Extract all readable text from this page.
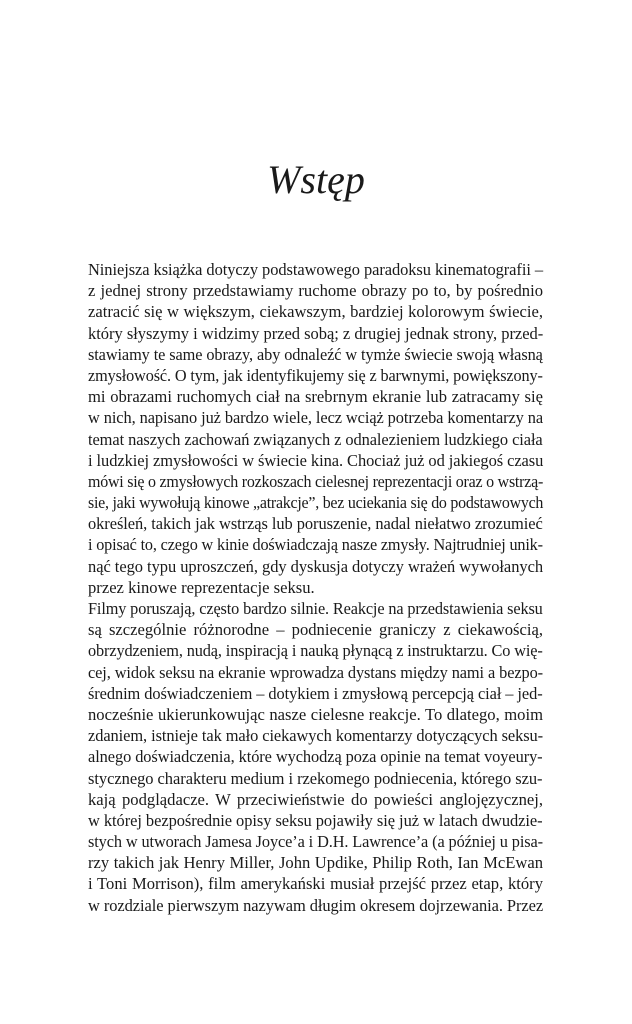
Wstęp
Niniejsza książka dotyczy podstawowego paradoksu kinematografii –
z jednej strony przedstawiamy ruchome obrazy po to, by pośrednio
zatracić się w większym, ciekawszym, bardziej kolorowym świecie,
który słyszymy i widzimy przed sobą; z drugiej jednak strony, przed-
stawiamy te same obrazy, aby odnaleźć w tymże świecie swoją własną
zmysłowość. O tym, jak identyfikujemy się z barwnymi, powiększony-
mi obrazami ruchomych ciał na srebrnym ekranie lub zatracamy się
w nich, napisano już bardzo wiele, lecz wciąż potrzeba komentarzy na
temat naszych zachowań związanych z odnalezieniem ludzkiego ciała
i ludzkiej zmysłowości w świecie kina. Chociaż już od jakiegoś czasu
mówi się o zmysłowych rozkoszach cielesnej reprezentacji oraz o wstrzą-
sie, jaki wywołują kinowe „atrakcje”, bez uciekania się do podstawowych
określeń, takich jak wstrząs lub poruszenie, nadal niełatwo zrozumieć
i opisać to, czego w kinie doświadczają nasze zmysły. Najtrudniej unik-
nąć tego typu uproszczeń, gdy dyskusja dotyczy wrażeń wywołanych
przez kinowe reprezentacje seksu.
Filmy poruszają, często bardzo silnie. Reakcje na przedstawienia seksu
są szczególnie różnorodne – podniecenie graniczy z ciekawością,
obrzydzeniem, nudą, inspiracją i nauką płynącą z instruktarzu. Co wię-
cej, widok seksu na ekranie wprowadza dystans między nami a bezpo-
średnim doświadczeniem – dotykiem i zmysłową percepcją ciał – jed-
nocześnie ukierunkowując nasze cielesne reakcje. To dlatego, moim
zdaniem, istnieje tak mało ciekawych komentarzy dotyczących seksu-
alnego doświadczenia, które wychodzą poza opinie na temat voyeury-
stycznego charakteru medium i rzekomego podniecenia, którego szu-
kają podglądacze. W przeciwieństwie do powieści anglojęzycznej,
w której bezpośrednie opisy seksu pojawiły się już w latach dwudzie-
stych w utworach Jamesa Joyce’a i D.H. Lawrence’a (a później u pisa-
rzy takich jak Henry Miller, John Updike, Philip Roth, Ian McEwan
i Toni Morrison), film amerykański musiał przejść przez etap, który
w rozdziale pierwszym nazywam długim okresem dojrzewania. Przez
